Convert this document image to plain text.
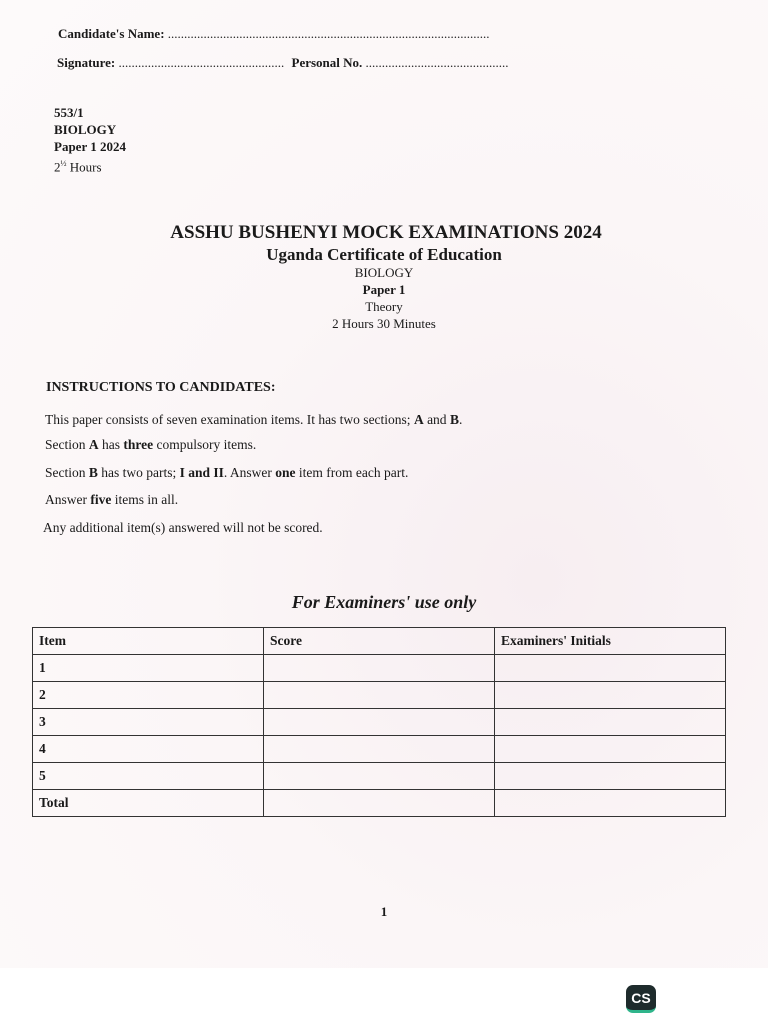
Candidate's Name: ...................................................................................................
Signature: ................................................... Personal No. ............................................
553/1
BIOLOGY
Paper 1 2024
$2^{\frac{1}{2}}$ Hours
ASSHU BUSHENYI MOCK EXAMINATIONS 2024
Uganda Certificate of Education
BIOLOGY
Paper 1
Theory
2 Hours 30 Minutes
INSTRUCTIONS TO CANDIDATES:
This paper consists of seven examination items. It has two sections; A and B.
Section A has three compulsory items.
Section B has two parts; I and II. Answer one item from each part.
Answer five items in all.
Any additional item(s) answered will not be scored.
For Examiners' use only
Item	Score	Examiners' Initials
1		
2		
3		
4		
5		
Total		
1
CS
